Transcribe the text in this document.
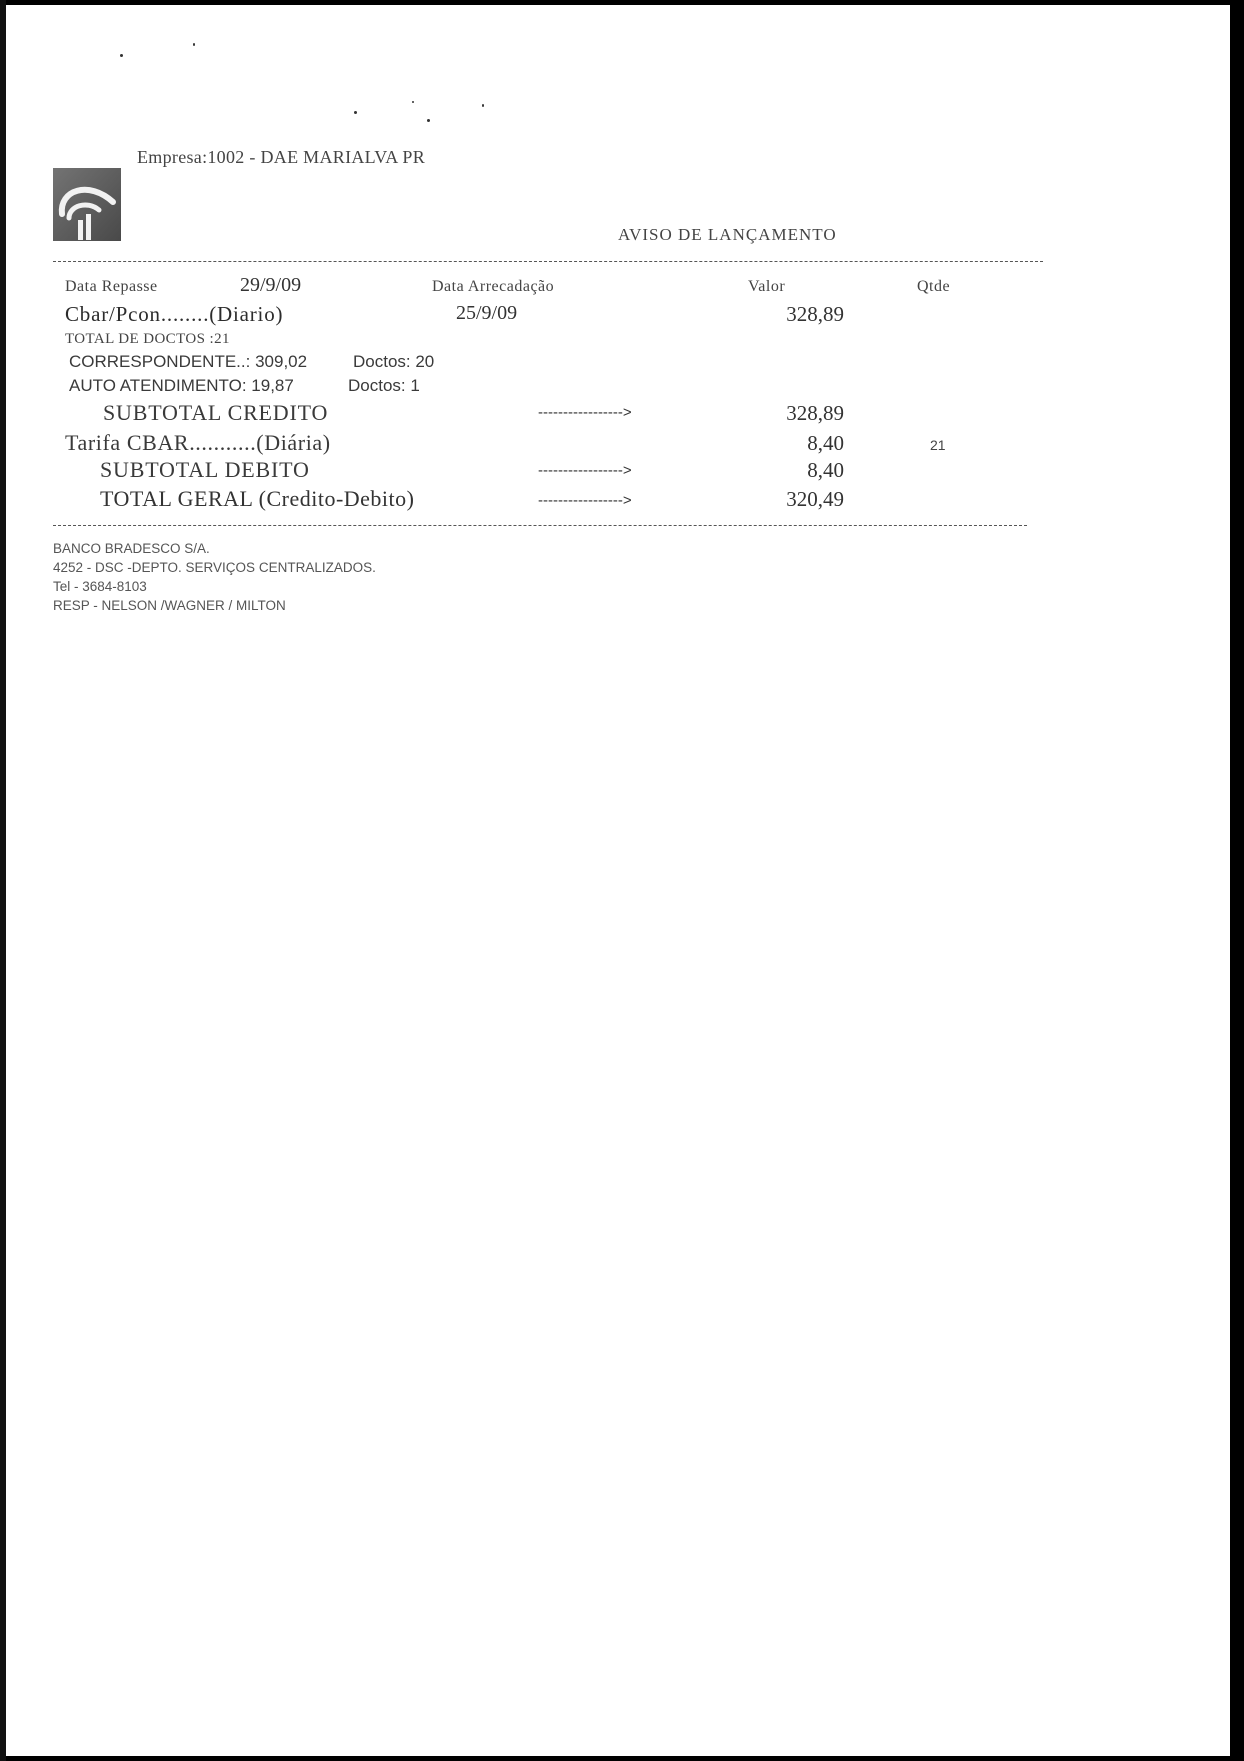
Empresa:1002 - DAE MARIALVA PR
AVISO DE LANÇAMENTO
Data Repasse	29/9/09	Data Arrecadação	Valor	Qtde
Cbar/Pcon........(Diario)	25/9/09	328,89
TOTAL DE DOCTOS :21
CORRESPONDENTE..: 309,02	Doctos: 20
AUTO ATENDIMENTO: 19,87	Doctos: 1
SUBTOTAL CREDITO	----------------->	328,89
Tarifa CBAR...........(Diária)	8,40	21
SUBTOTAL DEBITO	----------------->	8,40
TOTAL GERAL (Credito-Debito)	----------------->	320,49
BANCO BRADESCO S/A.
4252 - DSC -DEPTO. SERVIÇOS CENTRALIZADOS.
Tel - 3684-8103
RESP - NELSON /WAGNER / MILTON
